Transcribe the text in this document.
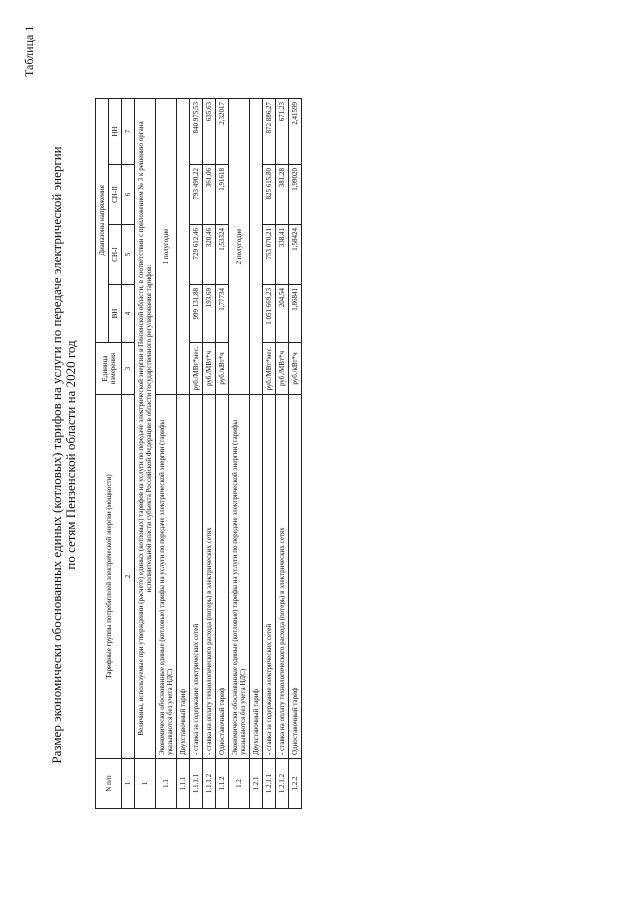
Таблица 1
Размер экономически обоснованных единых (котловых) тарифов на услуги по передаче электрической энергии по сетям Пензенской области на 2020 год
N п/п	Тарифные группы потребителей электрической энергии (мощности)	Единица измерения	Диапазоны напряжения			
			ВН	СН-I	СН-II	НН
1	2	3	4	5	6	7
1	Величины, используемые при утверждении (расчете) единых (котловых) тарифов на услуги по передаче электрической энергии в Пензенской области, в соответствии с приложением № 3 к решению органа исполнительной власти субъекта Российской Федерации в области государственного регулирования тарифов:					
1.1	Экономически обоснованные единые (котловые) тарифы на услуги по передаче электрической энергии (тарифы указываются без учета НДС)	1 полугодие				
1.1.1	Двухставочный тариф					
1.1.1.1	- ставка за содержание электрических сетей	руб./МВт*мес.	999 131,88	729 612,46	793 490,22	840 975,53
1.1.1.2	- ставка на оплату технологического расхода (потерь) в электрических сетях	руб./МВт*ч	193,69	320,46	361,06	635,63
1.1.2	Одноставочный тариф	руб./кВт*ч	1,77734	1,53324	1,91618	2,32017
1.2	Экономически обоснованные единые (котловые) тарифы на услуги по передаче электрической энергии (тарифы указываются без учета НДС)	2 полугодие				
1.2.1	Двухставочный тариф					
1.2.1.1	- ставка за содержание электрических сетей	руб./МВт*мес.	1 051 669,23	753 070,21	825 615,80	872 886,27
1.2.1.2	- ставка на оплату технологического расхода (потерь) в электрических сетях	руб./МВт*ч	204,54	338,41	381,28	671,23
1.2.2	Одноставочный тариф	руб./кВт*ч	1,86841	1,58424	1,99020	2,41599
